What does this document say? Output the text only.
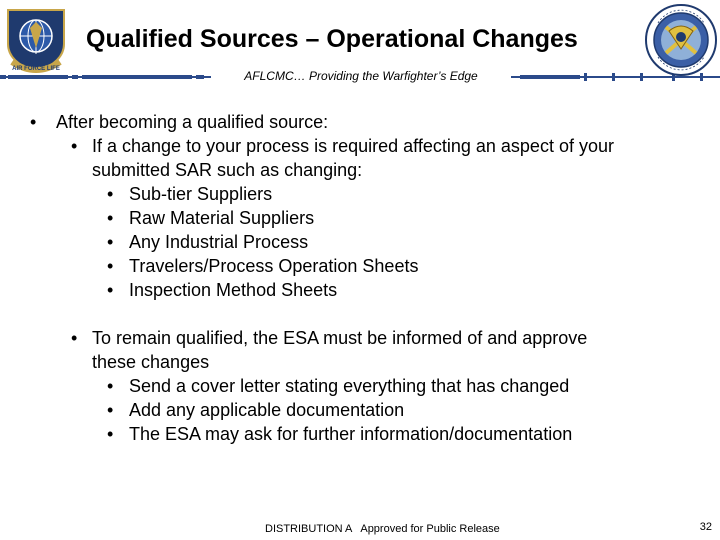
AIR FORCE LIFE
Qualified Sources – Operational Changes
AFLCMC… Providing the Warfighter’s Edge
• After becoming a qualified source:
• If a change to your process is required affecting an aspect of your
submitted SAR such as changing:
• Sub-tier Suppliers
• Raw Material Suppliers
• Any Industrial Process
• Travelers/Process Operation Sheets
• Inspection Method Sheets
• To remain qualified, the ESA must be informed of and approve
these changes
• Send a cover letter stating everything that has changed
• Add any applicable documentation
• The ESA may ask for further information/documentation
DISTRIBUTION A   Approved for Public Release	32
